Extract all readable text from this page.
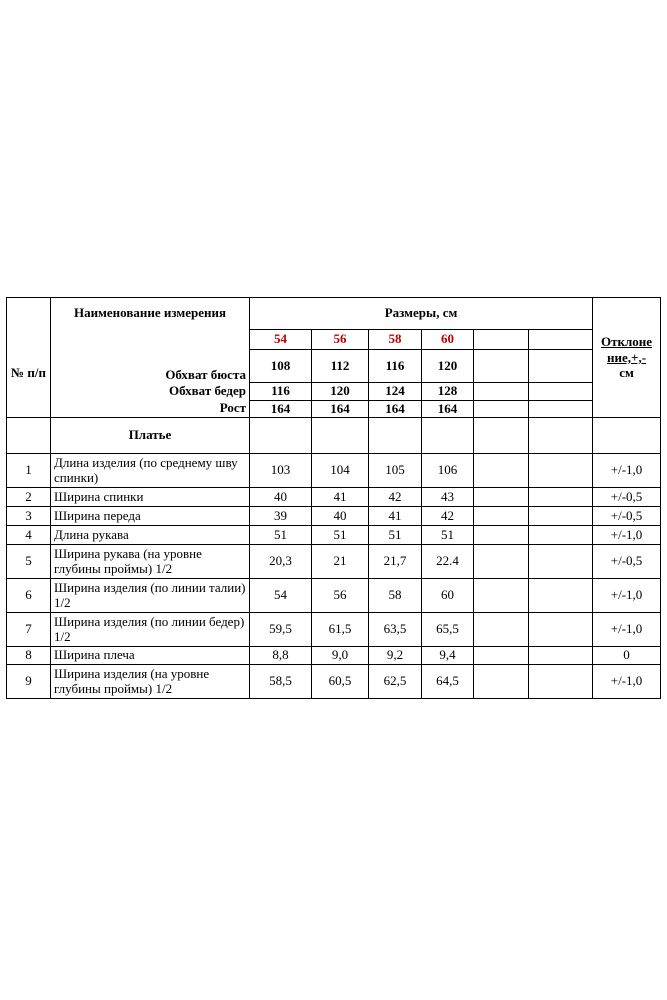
	Наименование измерения	Размеры, см						Отклоне
ние,+,-
см

№ п/п		54	56	58	60			
	Обхват бюста	108	112	116	120			
	Обхват бедер	116	120	124	128			
	Рост	164	164	164	164			
	Платье							
1	Длина изделия (по среднему шву спинки)	103	104	105	106			+/-1,0
2	Ширина спинки	40	41	42	43			+/-0,5
3	Ширина переда	39	40	41	42			+/-0,5
4	Длина рукава	51	51	51	51			+/-1,0
5	Ширина рукава (на уровне глубины проймы) 1/2	20,3	21	21,7	22.4			+/-0,5
6	Ширина изделия (по линии талии) 1/2	54	56	58	60			+/-1,0
7	Ширина изделия (по линии бедер) 1/2	59,5	61,5	63,5	65,5			+/-1,0
8	Ширина плеча	8,8	9,0	9,2	9,4			0
9	Ширина изделия (на уровне глубины проймы) 1/2	58,5	60,5	62,5	64,5			+/-1,0
